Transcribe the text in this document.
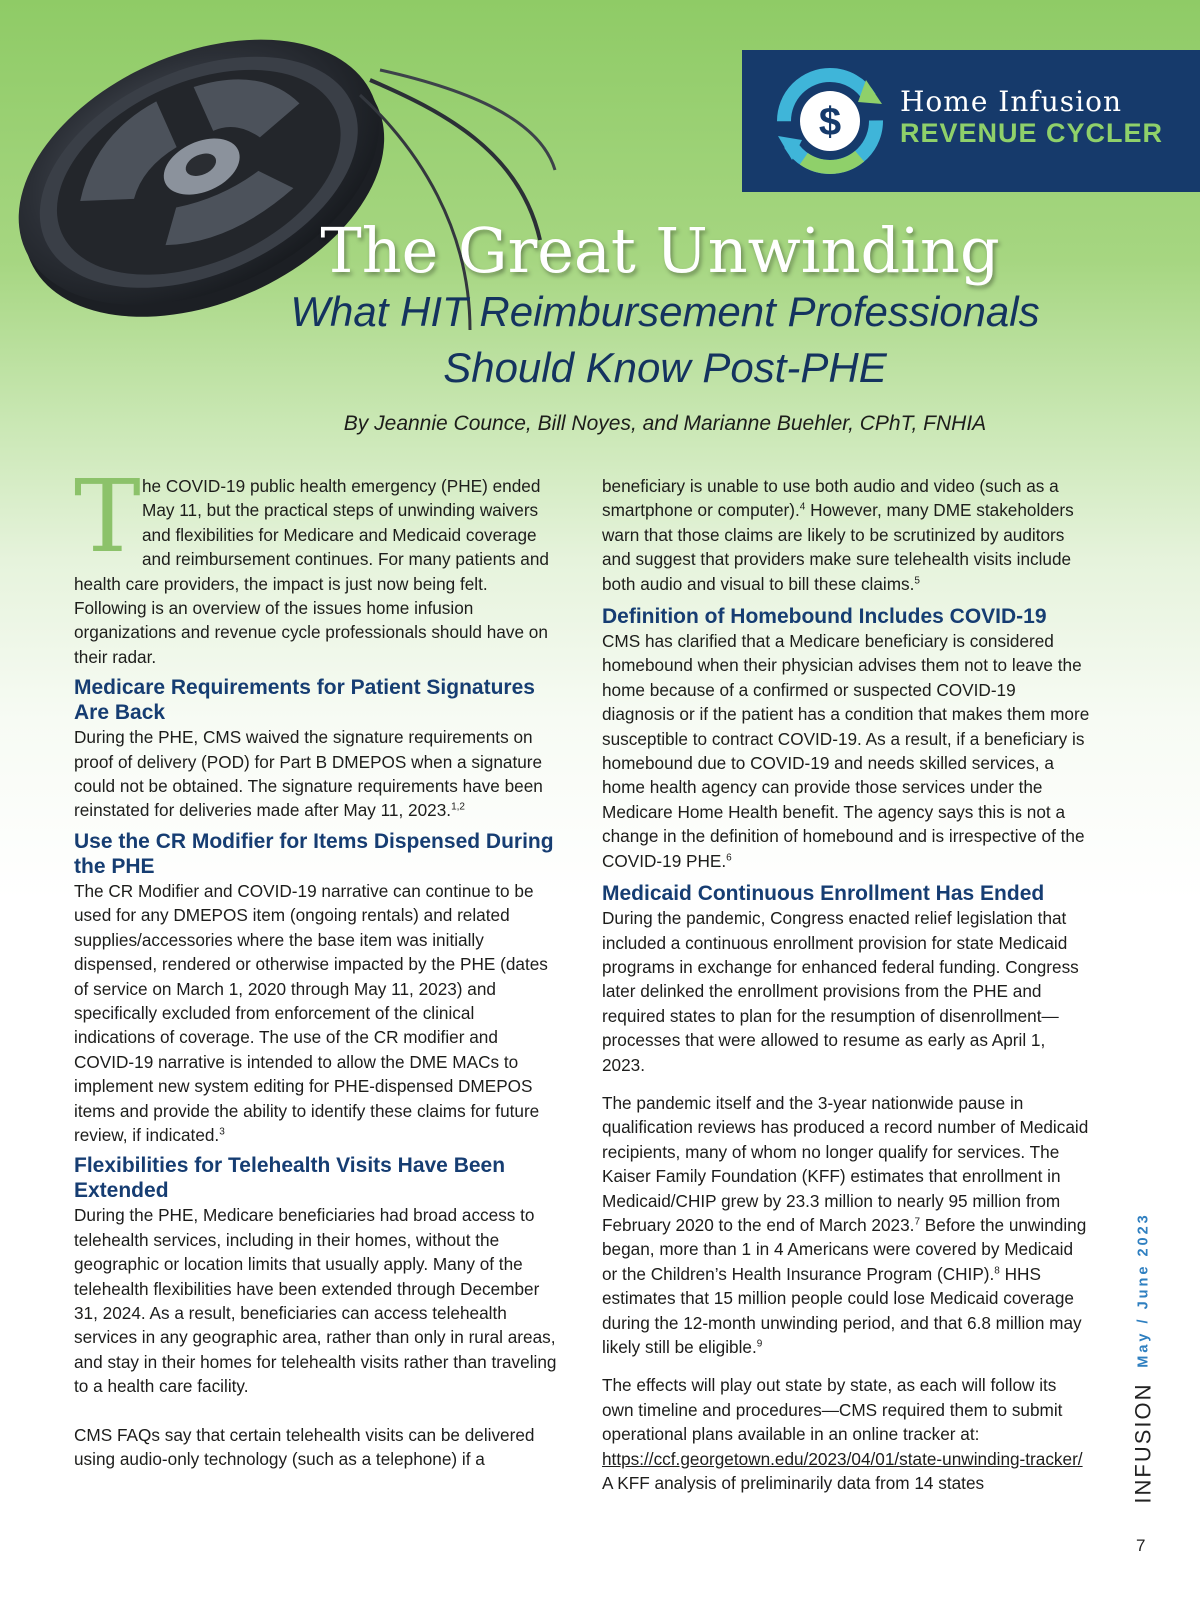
$ Home Infusion
REVENUE CYCLER
The Great Unwinding
What HIT Reimbursement Professionals Should Know Post-PHE

By Jeannie Counce, Bill Noyes, and Marianne Buehler, CPhT, FNHIA

The COVID-19 public health emergency (PHE) ended May 11, but the practical steps of unwinding waivers and flexibilities for Medicare and Medicaid coverage and reimbursement continues. For many patients and health care providers, the impact is just now being felt. Following is an overview of the issues home infusion organizations and revenue cycle professionals should have on their radar.

Medicare Requirements for Patient Signatures Are Back

During the PHE, CMS waived the signature requirements on proof of delivery (POD) for Part B DMEPOS when a signature could not be obtained. The signature requirements have been reinstated for deliveries made after May 11, 2023.$^{1,2}$

Use the CR Modifier for Items Dispensed During the PHE

The CR Modifier and COVID-19 narrative can continue to be used for any DMEPOS item (ongoing rentals) and related supplies/accessories where the base item was initially dispensed, rendered or otherwise impacted by the PHE (dates of service on March 1, 2020 through May 11, 2023) and specifically excluded from enforcement of the clinical indications of coverage. The use of the CR modifier and COVID-19 narrative is intended to allow the DME MACs to implement new system editing for PHE-dispensed DMEPOS items and provide the ability to identify these claims for future review, if indicated.$^3$

Flexibilities for Telehealth Visits Have Been Extended

During the PHE, Medicare beneficiaries had broad access to telehealth services, including in their homes, without the geographic or location limits that usually apply. Many of the telehealth flexibilities have been extended through December 31, 2024. As a result, beneficiaries can access telehealth services in any geographic area, rather than only in rural areas, and stay in their homes for telehealth visits rather than traveling to a health care facility.

CMS FAQs say that certain telehealth visits can be delivered using audio-only technology (such as a telephone) if a

beneficiary is unable to use both audio and video (such as a smartphone or computer).$^4$ However, many DME stakeholders warn that those claims are likely to be scrutinized by auditors and suggest that providers make sure telehealth visits include both audio and visual to bill these claims.$^5$

Definition of Homebound Includes COVID-19

CMS has clarified that a Medicare beneficiary is considered homebound when their physician advises them not to leave the home because of a confirmed or suspected COVID-19 diagnosis or if the patient has a condition that makes them more susceptible to contract COVID-19. As a result, if a beneficiary is homebound due to COVID-19 and needs skilled services, a home health agency can provide those services under the Medicare Home Health benefit. The agency says this is not a change in the definition of homebound and is irrespective of the COVID-19 PHE.$^6$

Medicaid Continuous Enrollment Has Ended

During the pandemic, Congress enacted relief legislation that included a continuous enrollment provision for state Medicaid programs in exchange for enhanced federal funding. Congress later delinked the enrollment provisions from the PHE and required states to plan for the resumption of disenrollment—processes that were allowed to resume as early as April 1, 2023.

The pandemic itself and the 3-year nationwide pause in qualification reviews has produced a record number of Medicaid recipients, many of whom no longer qualify for services. The Kaiser Family Foundation (KFF) estimates that enrollment in Medicaid/CHIP grew by 23.3 million to nearly 95 million from February 2020 to the end of March 2023.$^7$ Before the unwinding began, more than 1 in 4 Americans were covered by Medicaid or the Children’s Health Insurance Program (CHIP).$^8$ HHS estimates that 15 million people could lose Medicaid coverage during the 12-month unwinding period, and that 6.8 million may likely still be eligible.$^9$

The effects will play out state by state, as each will follow its own timeline and procedures—CMS required them to submit operational plans available in an online tracker at: https://ccf.georgetown.edu/2023/04/01/state-unwinding-tracker/ A KFF analysis of preliminarily data from 14 states

May / June 2023
INFUSION
7
